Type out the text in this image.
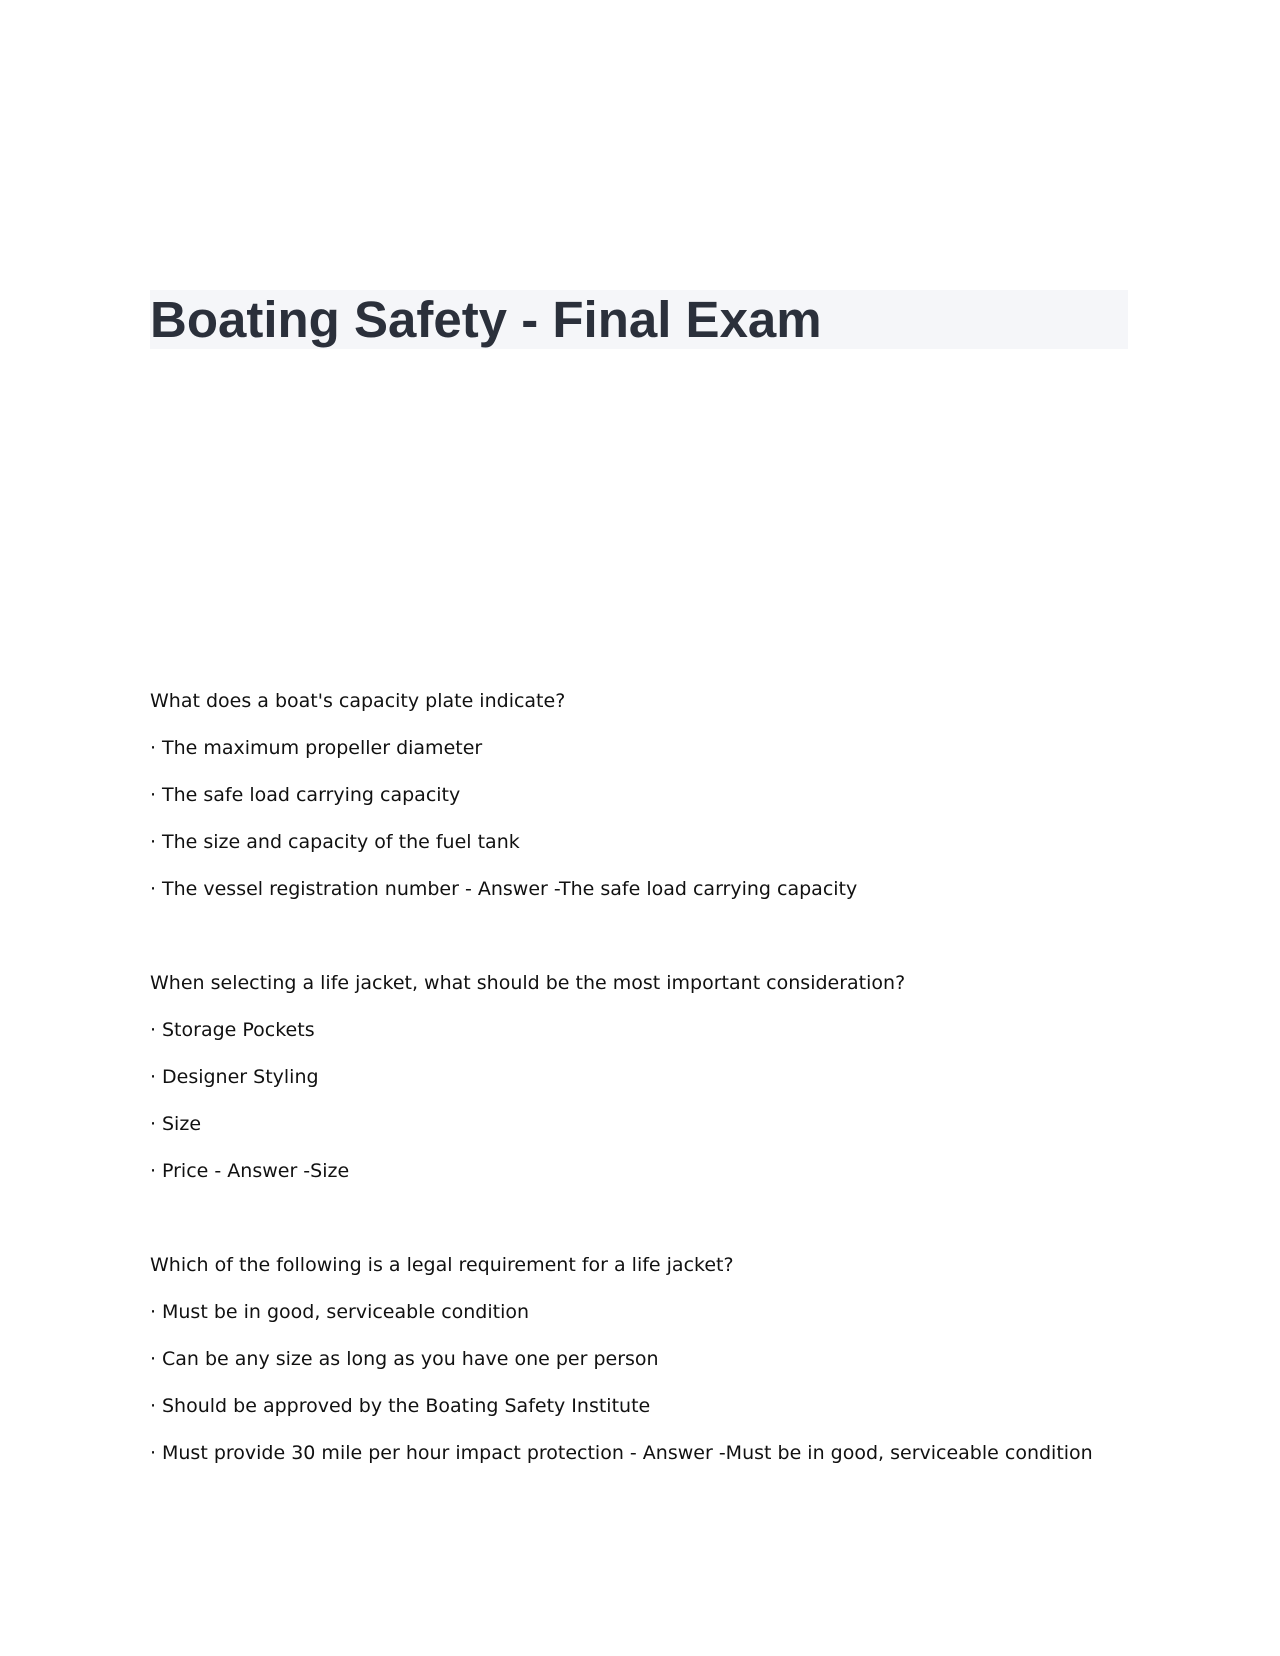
Boating Safety - Final Exam

What does a boat's capacity plate indicate?

· The maximum propeller diameter

· The safe load carrying capacity

· The size and capacity of the fuel tank

· The vessel registration number - Answer -The safe load carrying capacity

When selecting a life jacket, what should be the most important consideration?

· Storage Pockets

· Designer Styling

· Size

· Price - Answer -Size

Which of the following is a legal requirement for a life jacket?

· Must be in good, serviceable condition

· Can be any size as long as you have one per person

· Should be approved by the Boating Safety Institute

· Must provide 30 mile per hour impact protection - Answer -Must be in good, serviceable condition
